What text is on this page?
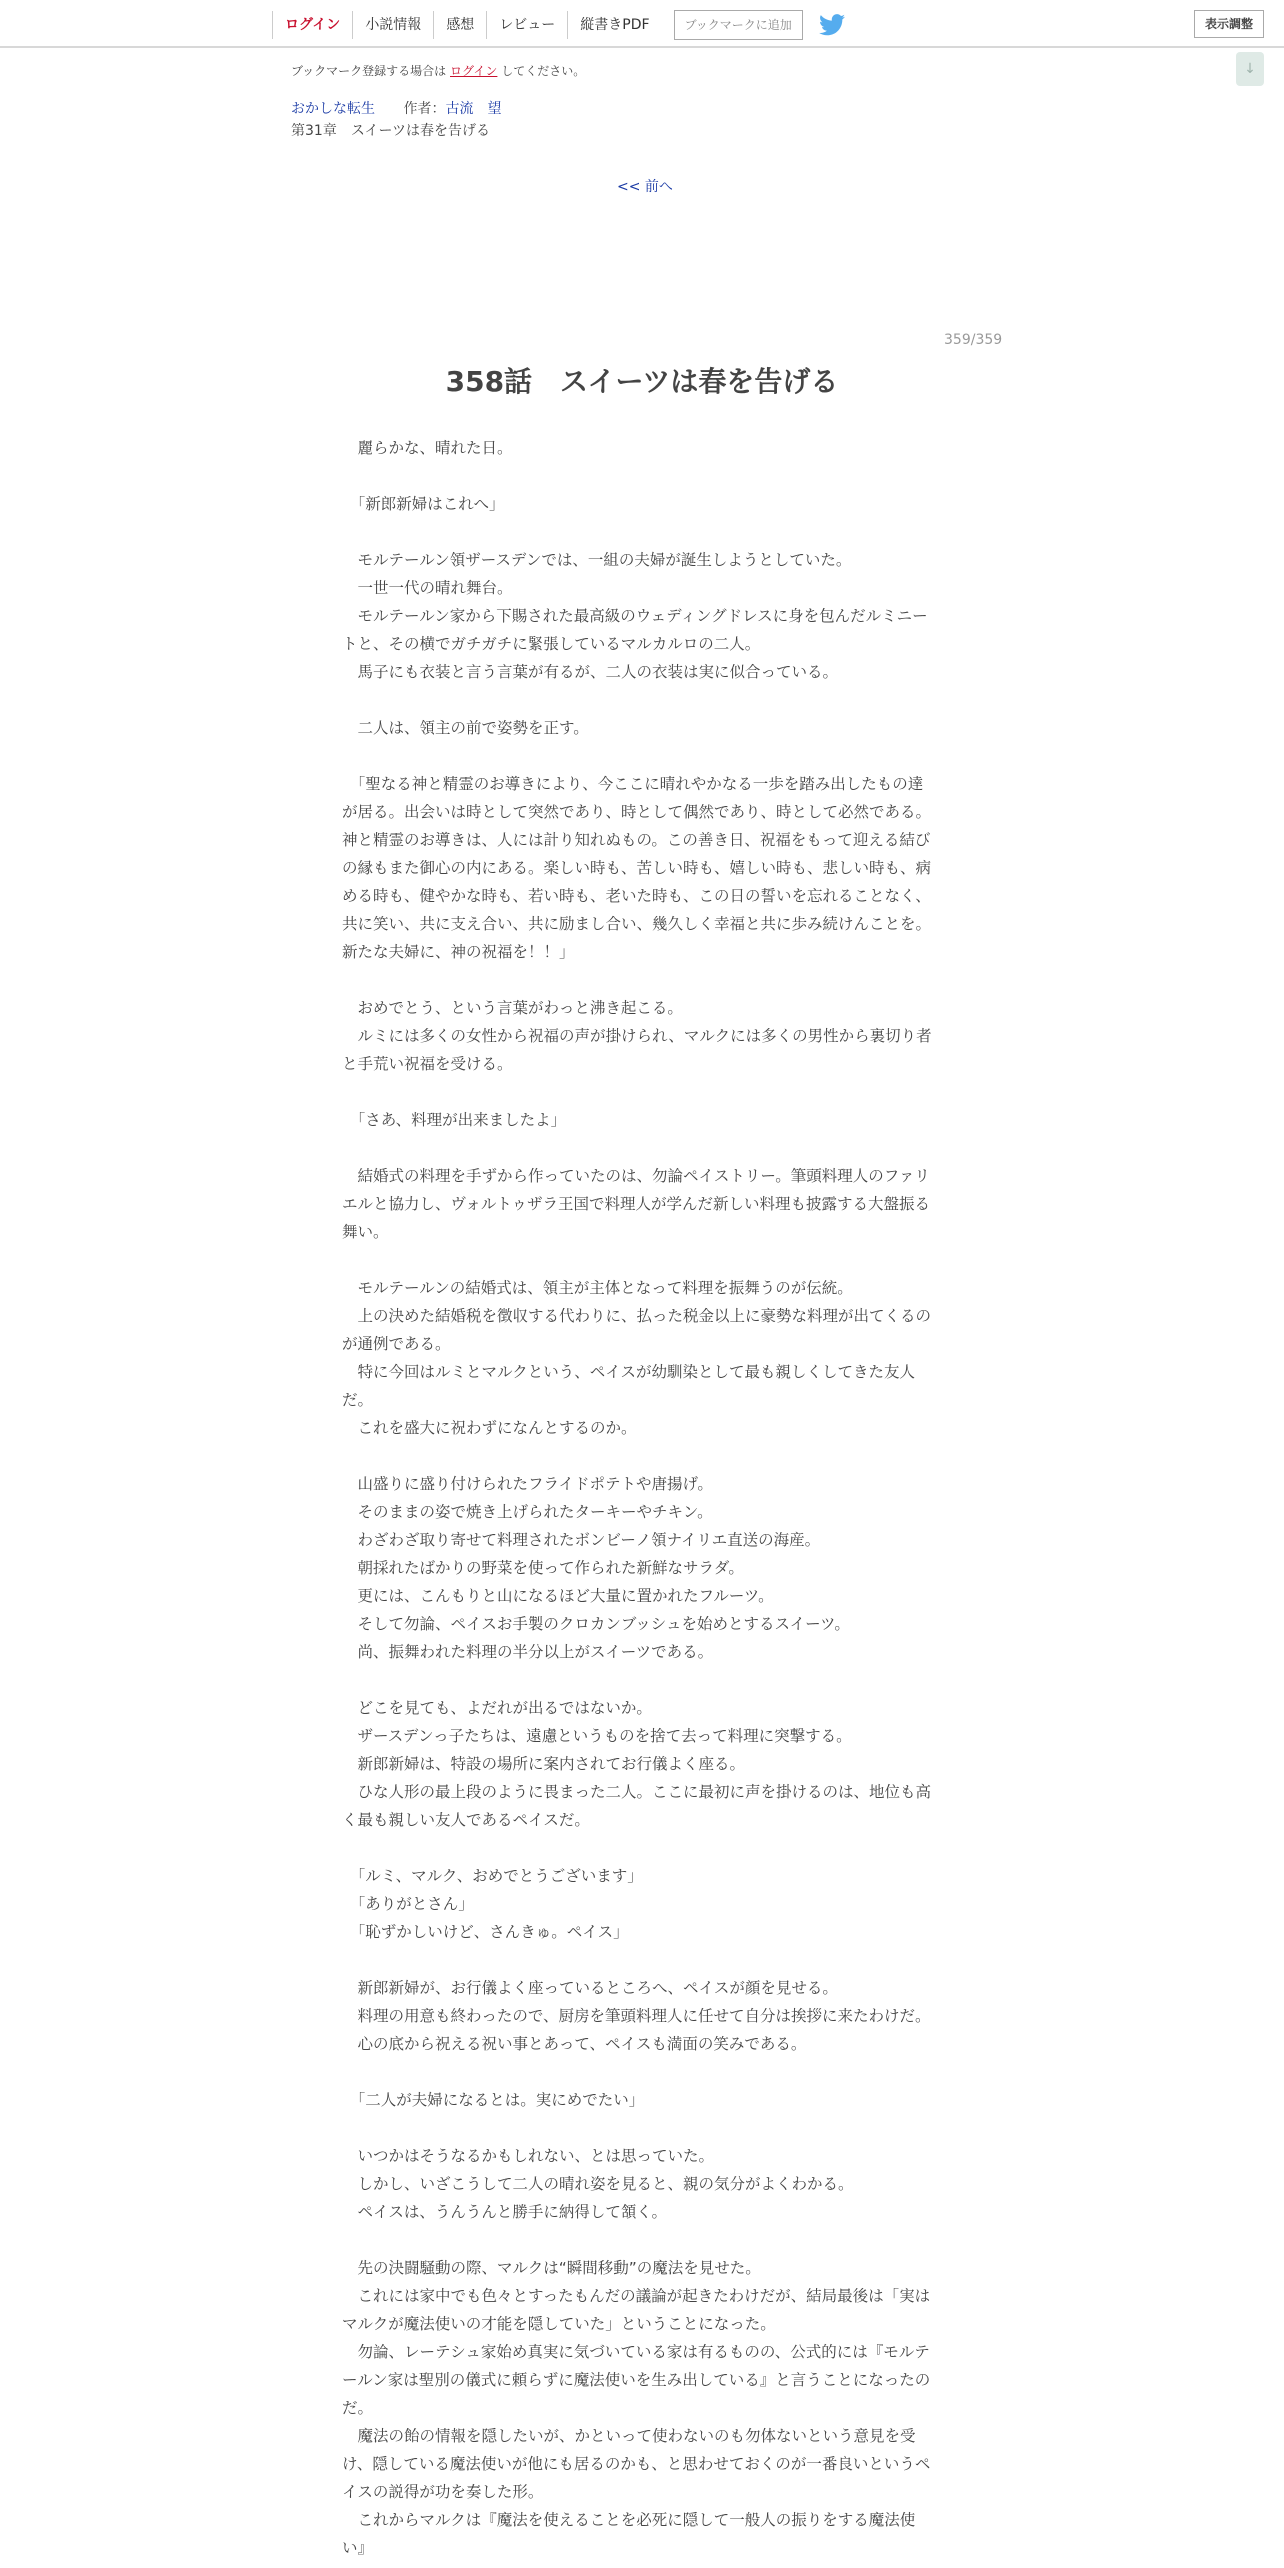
ログイン	小説情報	感想	レビュー	縦書きPDF	ブックマークに追加	表示調整
↓
ブックマーク登録する場合は ログイン してください。
おかしな転生 作者：古流　望
第31章　スイーツは春を告げる
<< 前へ
359/359
358話　スイーツは春を告げる

　麗らかな、晴れた日。

　「新郎新婦はこれへ」

　モルテールン領ザースデンでは、一組の夫婦が誕生しようとしていた。

　一世一代の晴れ舞台。

　モルテールン家から下賜された最高級のウェディングドレスに身を包んだルミニートと、その横でガチガチに緊張しているマルカルロの二人。

　馬子にも衣装と言う言葉が有るが、二人の衣装は実に似合っている。

　二人は、領主の前で姿勢を正す。

　「聖なる神と精霊のお導きにより、今ここに晴れやかなる一歩を踏み出したもの達が居る。出会いは時として突然であり、時として偶然であり、時として必然である。神と精霊のお導きは、人には計り知れぬもの。この善き日、祝福をもって迎える結びの縁もまた御心の内にある。楽しい時も、苦しい時も、嬉しい時も、悲しい時も、病める時も、健やかな時も、若い時も、老いた時も、この日の誓いを忘れることなく、共に笑い、共に支え合い、共に励まし合い、幾久しく幸福と共に歩み続けんことを。新たな夫婦に、神の祝福を！！」

　おめでとう、という言葉がわっと沸き起こる。

　ルミには多くの女性から祝福の声が掛けられ、マルクには多くの男性から裏切り者と手荒い祝福を受ける。

　「さあ、料理が出来ましたよ」

　結婚式の料理を手ずから作っていたのは、勿論ペイストリー。筆頭料理人のファリエルと協力し、ヴォルトゥザラ王国で料理人が学んだ新しい料理も披露する大盤振る舞い。

　モルテールンの結婚式は、領主が主体となって料理を振舞うのが伝統。

　上の決めた結婚税を徴収する代わりに、払った税金以上に豪勢な料理が出てくるのが通例である。

　特に今回はルミとマルクという、ペイスが幼馴染として最も親しくしてきた友人だ。

　これを盛大に祝わずになんとするのか。

　山盛りに盛り付けられたフライドポテトや唐揚げ。

　そのままの姿で焼き上げられたターキーやチキン。

　わざわざ取り寄せて料理されたボンビーノ領ナイリエ直送の海産。

　朝採れたばかりの野菜を使って作られた新鮮なサラダ。

　更には、こんもりと山になるほど大量に置かれたフルーツ。

　そして勿論、ペイスお手製のクロカンブッシュを始めとするスイーツ。

　尚、振舞われた料理の半分以上がスイーツである。

　どこを見ても、よだれが出るではないか。

　ザースデンっ子たちは、遠慮というものを捨て去って料理に突撃する。

　新郎新婦は、特設の場所に案内されてお行儀よく座る。

　ひな人形の最上段のように畏まった二人。ここに最初に声を掛けるのは、地位も高く最も親しい友人であるペイスだ。

　「ルミ、マルク、おめでとうございます」

　「ありがとさん」

　「恥ずかしいけど、さんきゅ。ペイス」

　新郎新婦が、お行儀よく座っているところへ、ペイスが顔を見せる。

　料理の用意も終わったので、厨房を筆頭料理人に任せて自分は挨拶に来たわけだ。

　心の底から祝える祝い事とあって、ペイスも満面の笑みである。

　「二人が夫婦になるとは。実にめでたい」

　いつかはそうなるかもしれない、とは思っていた。

　しかし、いざこうして二人の晴れ姿を見ると、親の気分がよくわかる。

　ペイスは、うんうんと勝手に納得して頷く。

　先の決闘騒動の際、マルクは“瞬間移動”の魔法を見せた。

　これには家中でも色々とすったもんだの議論が起きたわけだが、結局最後は「実はマルクが魔法使いの才能を隠していた」ということになった。

　勿論、レーテシュ家始め真実に気づいている家は有るものの、公式的には『モルテールン家は聖別の儀式に頼らずに魔法使いを生み出している』と言うことになったのだ。

　魔法の飴の情報を隠したいが、かといって使わないのも勿体ないという意見を受け、隠している魔法使いが他にも居るのかも、と思わせておくのが一番良いというペイスの説得が功を奏した形。

　これからマルクは『魔法を使えることを必死に隠して一般人の振りをする魔法使い』
